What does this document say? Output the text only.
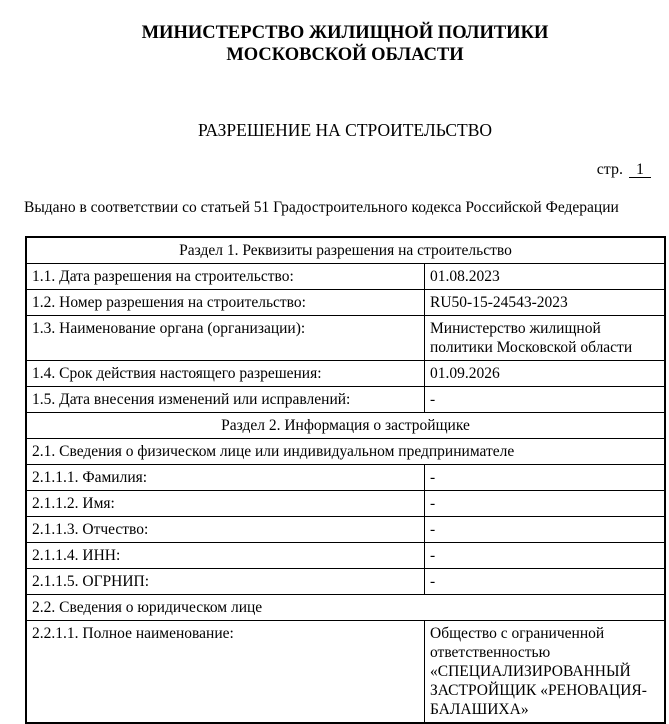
МИНИСТЕРСТВО ЖИЛИЩНОЙ ПОЛИТИКИ
МОСКОВСКОЙ ОБЛАСТИ
РАЗРЕШЕНИЕ НА СТРОИТЕЛЬСТВО
стр. 1
Выдано в соответствии со статьей 51 Градостроительного кодекса Российской Федерации
Раздел 1. Реквизиты разрешения на строительство	
1.1. Дата разрешения на строительство:	01.08.2023
1.2. Номер разрешения на строительство:	RU50-15-24543-2023
1.3. Наименование органа (организации):	Министерство жилищной политики Московской области
1.4. Срок действия настоящего разрешения:	01.09.2026
1.5. Дата внесения изменений или исправлений:	-
Раздел 2. Информация о застройщике	
2.1. Сведения о физическом лице или индивидуальном предпринимателе	
2.1.1.1. Фамилия:	-
2.1.1.2. Имя:	-
2.1.1.3. Отчество:	-
2.1.1.4. ИНН:	-
2.1.1.5. ОГРНИП:	-
2.2. Сведения о юридическом лице	
2.2.1.1. Полное наименование:	Общество с ограниченной ответственностью «СПЕЦИАЛИЗИРОВАННЫЙ ЗАСТРОЙЩИК «РЕНОВАЦИЯ-БАЛАШИХА»
